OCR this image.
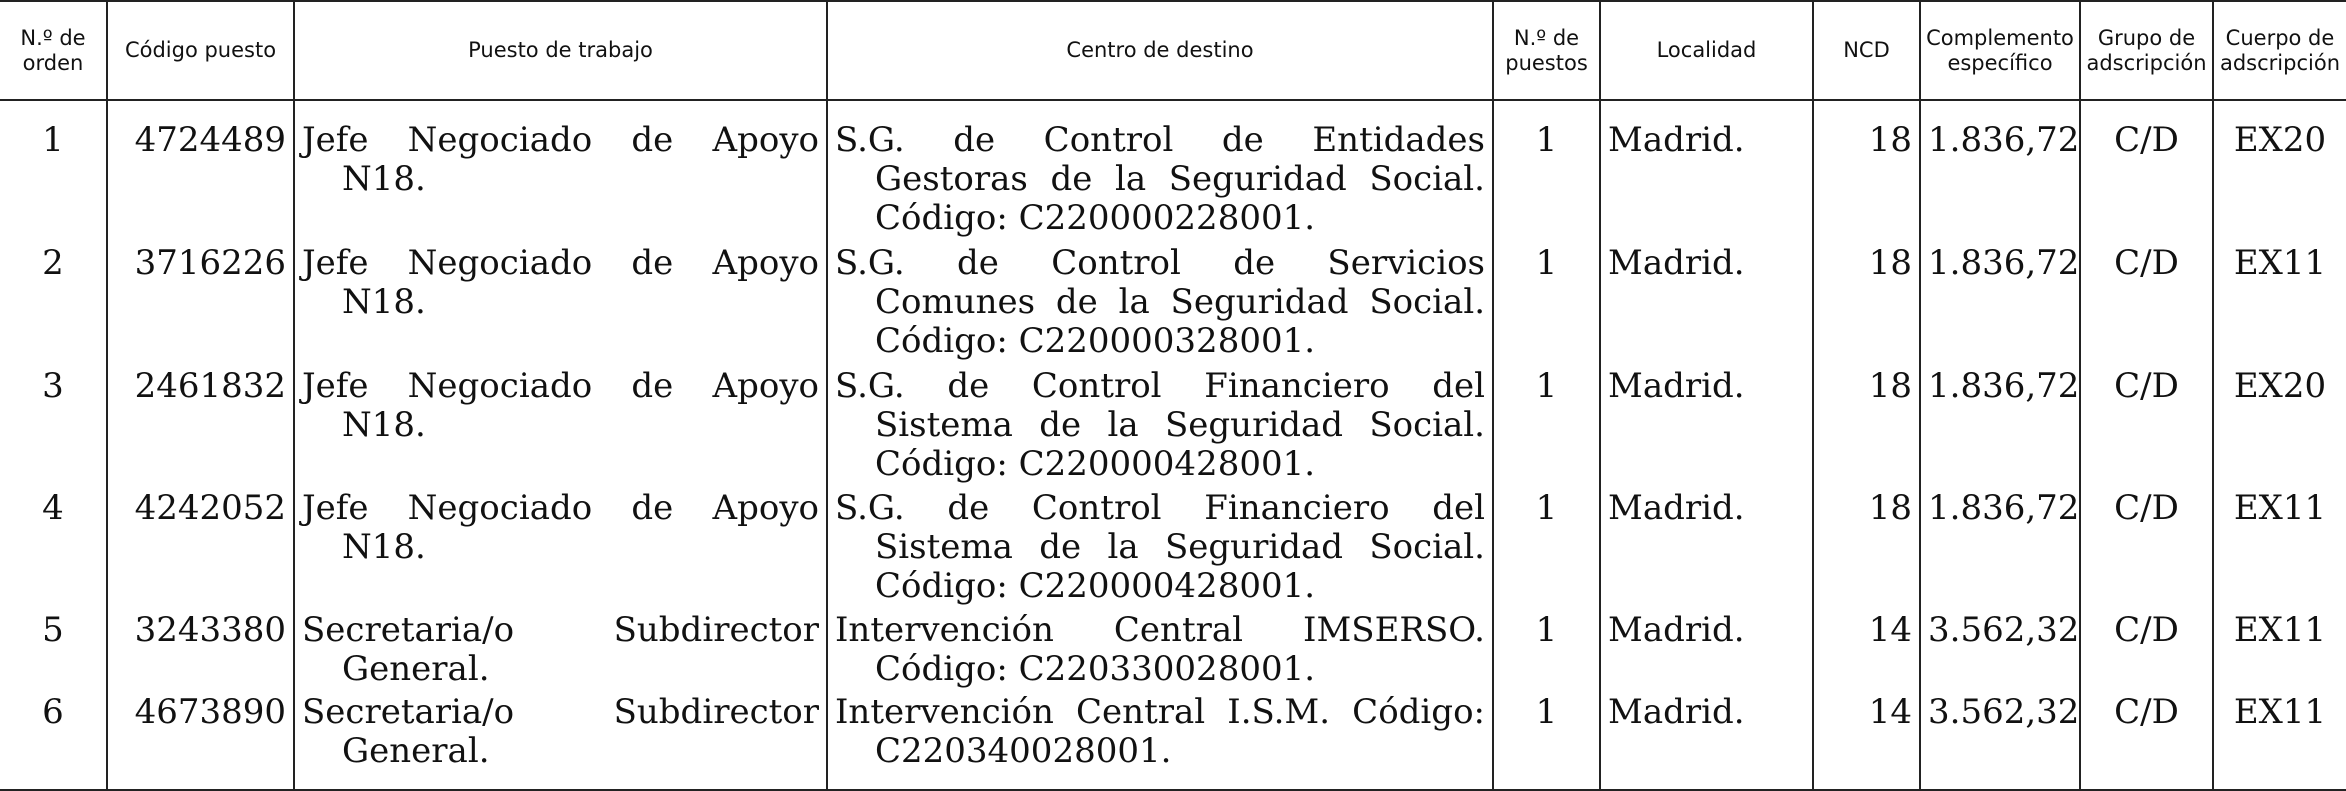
N.º de orden	Código puesto	Puesto de trabajo	Centro de destino	N.º de puestos	Localidad	NCD	Complemento específico	Grupo de adscripción	Cuerpo de adscripción
1	4724489	Jefe Negociado de Apoyo N18.	S.G. de Control de Entidades Gestoras de la Seguridad Social. Código: C220000228001.	1	Madrid.	18	1.836,72	C/D	EX20
2	3716226	Jefe Negociado de Apoyo N18.	S.G. de Control de Servicios Comunes de la Seguridad Social. Código: C220000328001.	1	Madrid.	18	1.836,72	C/D	EX11
3	2461832	Jefe Negociado de Apoyo N18.	S.G. de Control Financiero del Sistema de la Seguridad Social. Código: C220000428001.	1	Madrid.	18	1.836,72	C/D	EX20
4	4242052	Jefe Negociado de Apoyo N18.	S.G. de Control Financiero del Sistema de la Seguridad Social. Código: C220000428001.	1	Madrid.	18	1.836,72	C/D	EX11
5	3243380	Secretaria/o Subdirector General.	Intervención Central IMSERSO. Código: C220330028001.	1	Madrid.	14	3.562,32	C/D	EX11
6	4673890	Secretaria/o Subdirector General.	Intervención Central I.S.M. Código: C220340028001.	1	Madrid.	14	3.562,32	C/D	EX11
